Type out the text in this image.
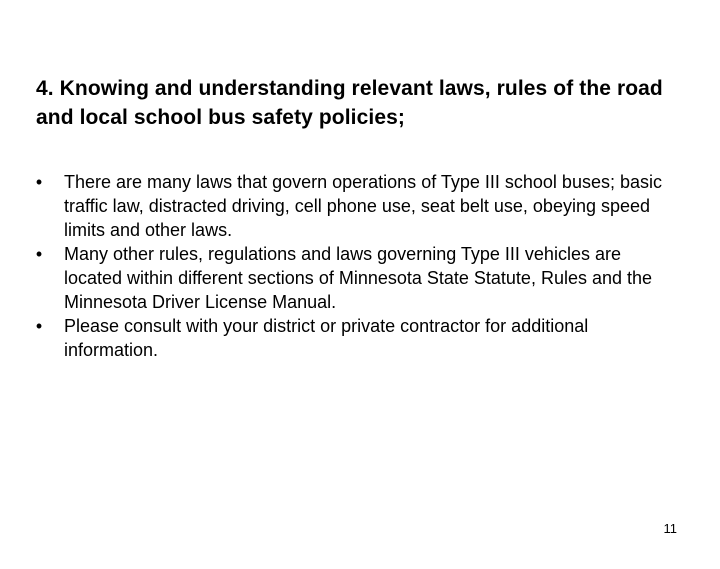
4. Knowing and understanding relevant laws, rules of the road and local school bus safety policies;
• There are many laws that govern operations of Type III school buses; basic traffic law, distracted driving, cell phone use, seat belt use, obeying speed limits and other laws.
• Many other rules, regulations and laws governing Type III vehicles are located within different sections of Minnesota State Statute, Rules and the Minnesota Driver License Manual.
• Please consult with your district or private contractor for additional information.
11
